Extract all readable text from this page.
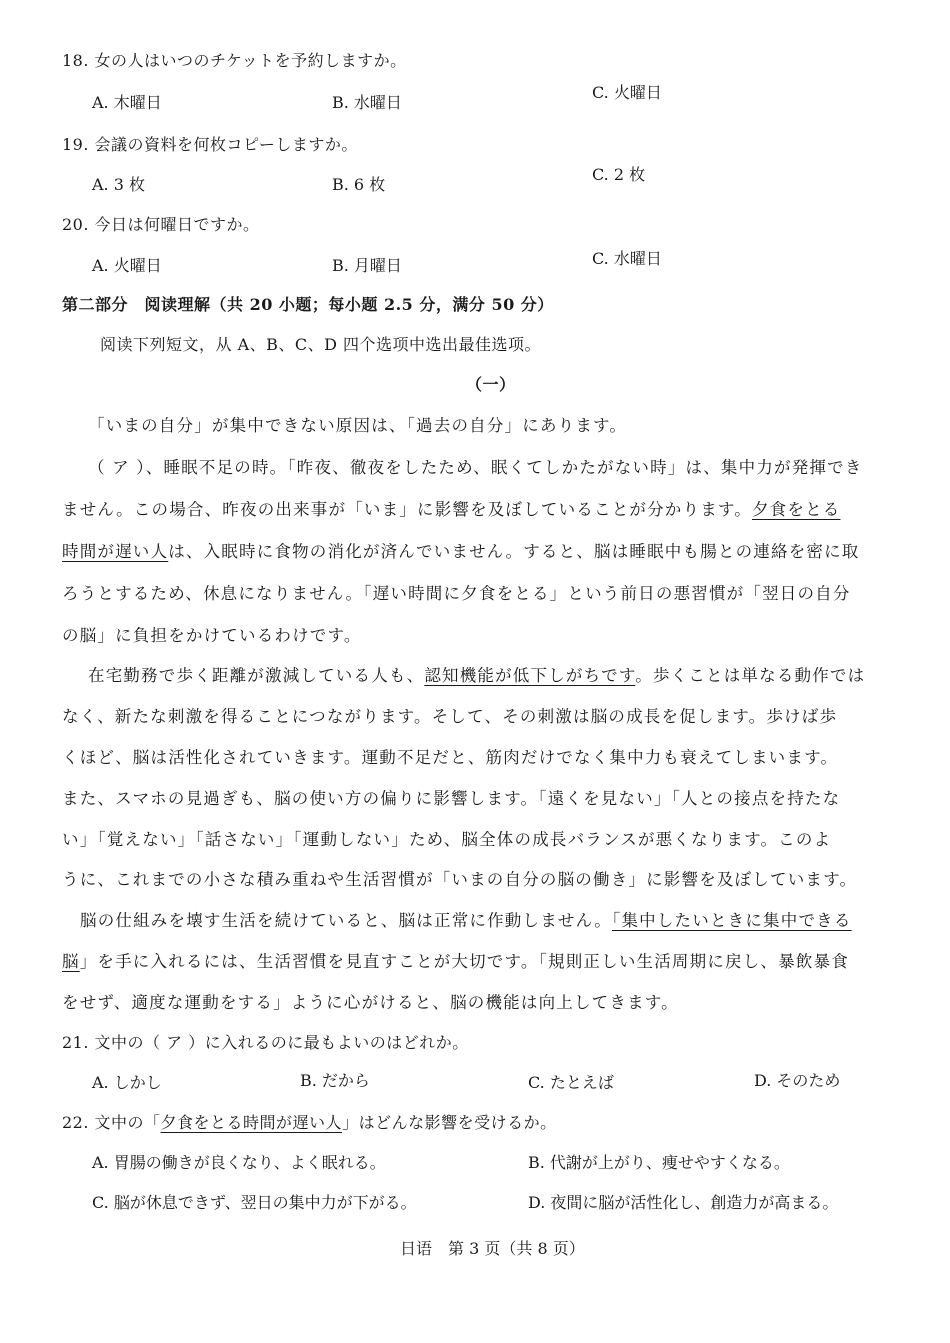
18. 女の人はいつのチケットを予約しますか。
A. 木曜日	B. 水曜日
C. 火曜日
19. 会議の資料を何枚コピーしますか。
A. 3 枚	B. 6 枚
C. 2 枚
20. 今日は何曜日ですか。
A. 火曜日	B. 月曜日	C. 水曜日
第二部分　阅读理解（共 20 小题；每小题 2.5 分，满分 50 分）
阅读下列短文，从 A、B、C、D 四个选项中选出最佳选项。
（一）
「いまの自分」が集中できない原因は、「過去の自分」にあります。
（ ア ）、睡眠不足の時。「昨夜、徹夜をしたため、眠くてしかたがない時」は、集中力が発揮でき
ません。この場合、昨夜の出来事が「いま」に影響を及ぼしていることが分かります。夕食をとる
時間が遅い人は、入眠時に食物の消化が済んでいません。すると、脳は睡眠中も腸との連絡を密に取
ろうとするため、休息になりません。「遅い時間に夕食をとる」という前日の悪習慣が「翌日の自分
の脳」に負担をかけているわけです。
在宅勤務で歩く距離が激減している人も、認知機能が低下しがちです。歩くことは単なる動作では
なく、新たな刺激を得ることにつながります。そして、その刺激は脳の成長を促します。歩けば歩
くほど、脳は活性化されていきます。運動不足だと、筋肉だけでなく集中力も衰えてしまいます。
また、スマホの見過ぎも、脳の使い方の偏りに影響します。「遠くを見ない」「人との接点を持たな
い」「覚えない」「話さない」「運動しない」ため、脳全体の成長バランスが悪くなります。このよ
うに、これまでの小さな積み重ねや生活習慣が「いまの自分の脳の働き」に影響を及ぼしています。
脳の仕組みを壊す生活を続けていると、脳は正常に作動しません。「集中したいときに集中できる
脳」を手に入れるには、生活習慣を見直すことが大切です。「規則正しい生活周期に戻し、暴飲暴食
をせず、適度な運動をする」ように心がけると、脳の機能は向上してきます。
21. 文中の（ ア ）に入れるのに最もよいのはどれか。
A. しかし	B. だから	C. たとえば	D. そのため
22. 文中の「夕食をとる時間が遅い人」はどんな影響を受けるか。
A. 胃腸の働きが良くなり、よく眠れる。	B. 代謝が上がり、痩せやすくなる。
C. 脳が休息できず、翌日の集中力が下がる。	D. 夜間に脳が活性化し、創造力が高まる。
日语　第 3 页（共 8 页）
